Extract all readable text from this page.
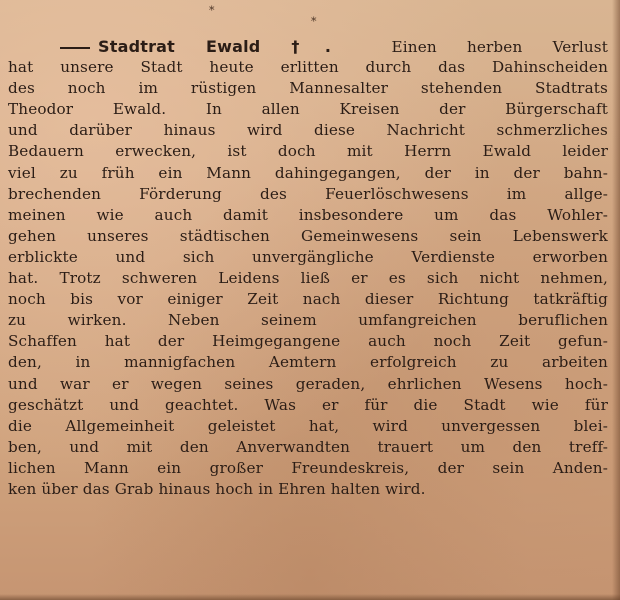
*
*
Stadtrat Ewald †.	Einen herben Verlust
hat unsere Stadt heute erlitten durch das Dahinscheiden
des noch im rüstigen Mannesalter stehenden Stadtrats
Theodor Ewald. In allen Kreisen der Bürgerschaft
und darüber hinaus wird diese Nachricht schmerzliches
Bedauern erwecken, ist doch mit Herrn Ewald leider
viel zu früh ein Mann dahingegangen, der in der bahn-
brechenden Förderung des Feuerlöschwesens im allge-
meinen wie auch damit insbesondere um das Wohler-
gehen unseres städtischen Gemeinwesens sein Lebenswerk
erblickte und sich unvergängliche Verdienste erworben
hat. Trotz schweren Leidens ließ er es sich nicht nehmen,
noch bis vor einiger Zeit nach dieser Richtung tatkräftig
zu wirken. Neben seinem umfangreichen beruflichen
Schaffen hat der Heimgegangene auch noch Zeit gefun-
den, in mannigfachen Aemtern erfolgreich zu arbeiten
und war er wegen seines geraden, ehrlichen Wesens hoch-
geschätzt und geachtet. Was er für die Stadt wie für
die Allgemeinheit geleistet hat, wird unvergessen blei-
ben, und mit den Anverwandten trauert um den treff-
lichen Mann ein großer Freundeskreis, der sein Anden-
ken über das Grab hinaus hoch in Ehren halten wird.
